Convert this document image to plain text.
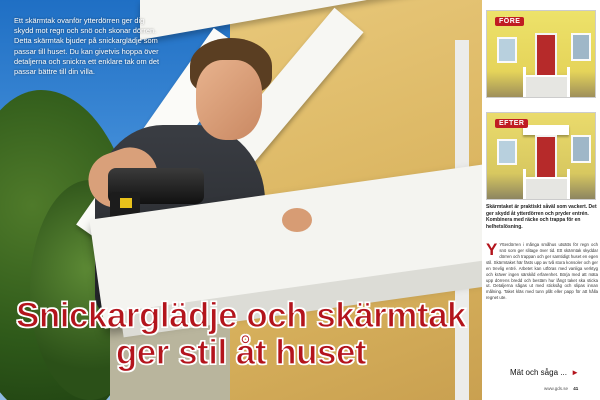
Ett skärmtak ovanför ytterdörren ger dig skydd mot regn och snö och skonar dörren. Detta skärmtak bjuder på snickarglädje som passar till huset. Du kan givetvis hoppa över detaljerna och snickra ett enklare tak om det passar bättre till din villa.

Snickarglädje och skärmtak
ger stil åt huset
FÖRE
EFTER

Skärmtaket är praktiskt såväl som vackert. Det ger skydd åt ytterdörren och pryder entrén. Kombinera med räcke och trappa för en helhetslösning.

Y Ytterdörren i många småhus utsätts för regn och snö som ger slitage över tid. Ett skärmtak skyddar dörren och trappan och ger samtidigt huset en egen stil. Skärmtaket här fästs upp av två stora konsoler och ger en trevlig entré. Arbetet kan utföras med vanliga verktyg och kräver ingen särskild erfarenhet. Börja med att mäta upp dörrens bredd och bestäm hur långt taket ska sticka ut. Detaljerna sågas ut med sticksåg och slipas innan målning. Taket kläs med tunn plåt eller papp för att hålla regnet ute.
Mät och såga ... ►
www.gds.se 41
